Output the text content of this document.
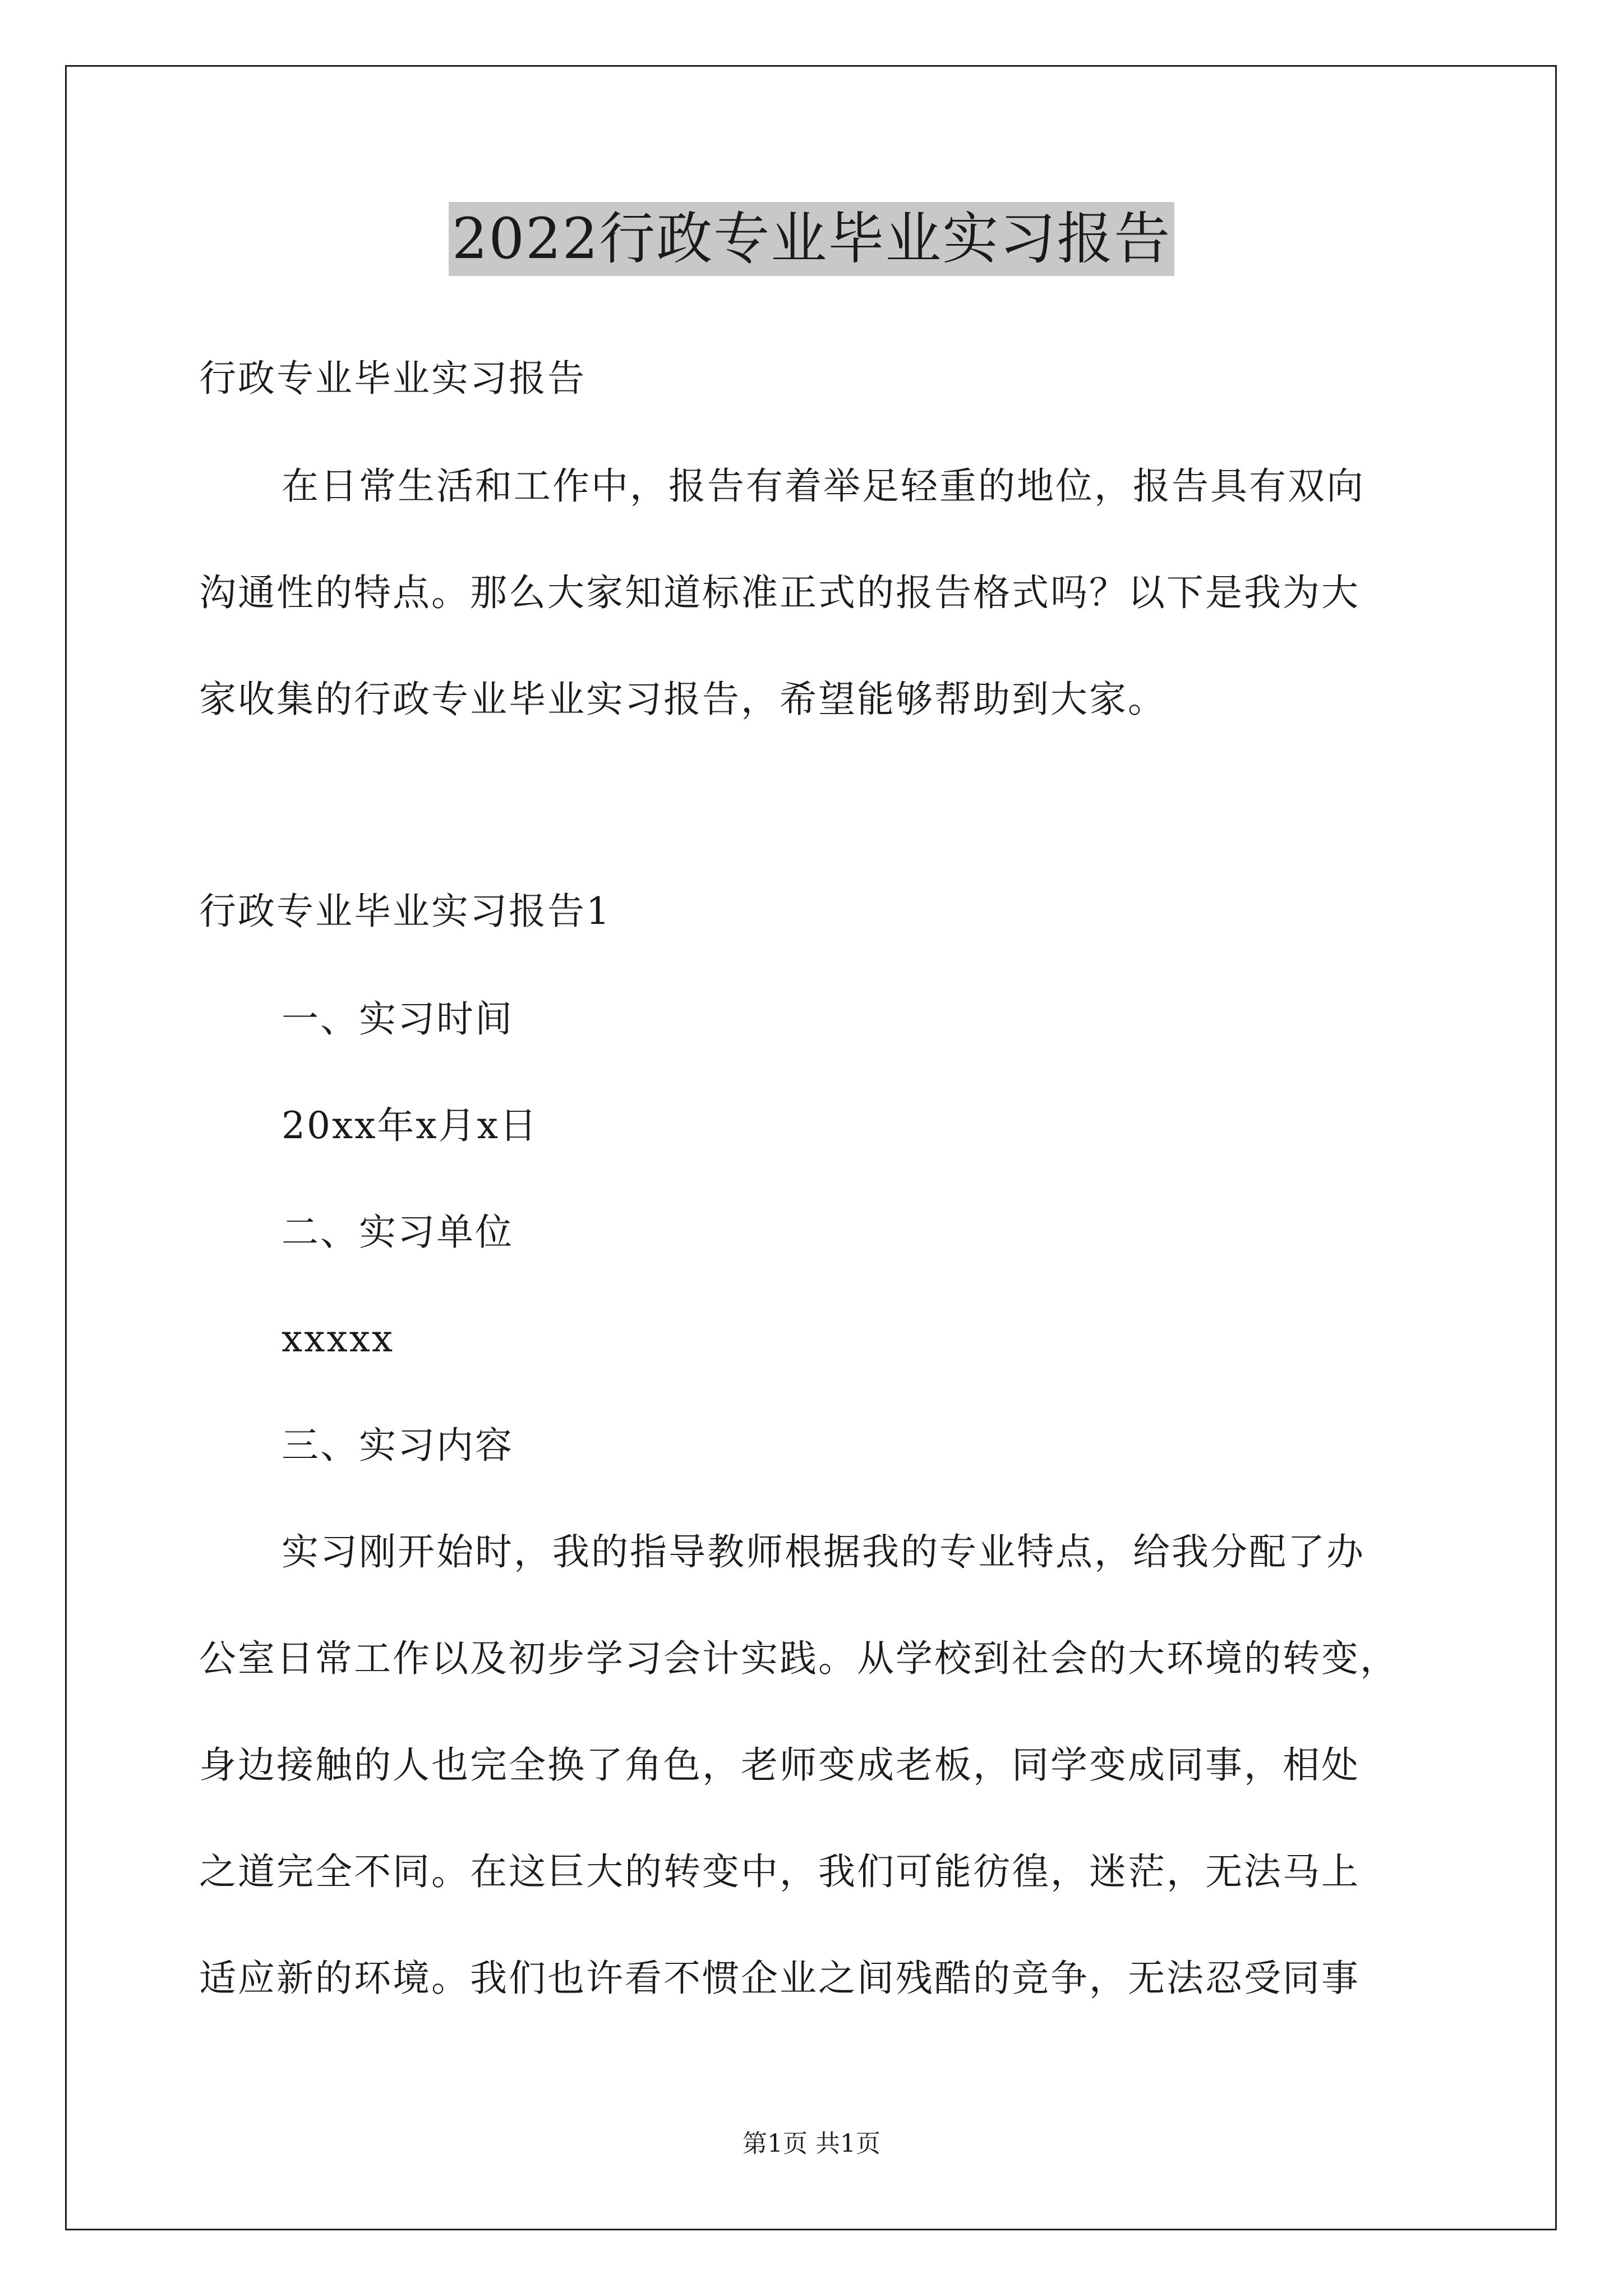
2022行政专业毕业实习报告
行政专业毕业实习报告
在日常生活和工作中，报告有着举足轻重的地位，报告具有双向
沟通性的特点。那么大家知道标准正式的报告格式吗？以下是我为大
家收集的行政专业毕业实习报告，希望能够帮助到大家。
行政专业毕业实习报告1
一、实习时间
20xx年x月x日
二、实习单位
xxxxx
三、实习内容
实习刚开始时，我的指导教师根据我的专业特点，给我分配了办
公室日常工作以及初步学习会计实践。从学校到社会的大环境的转变，
身边接触的人也完全换了角色，老师变成老板，同学变成同事，相处
之道完全不同。在这巨大的转变中，我们可能彷徨，迷茫，无法马上
适应新的环境。我们也许看不惯企业之间残酷的竞争，无法忍受同事
第1页 共1页
